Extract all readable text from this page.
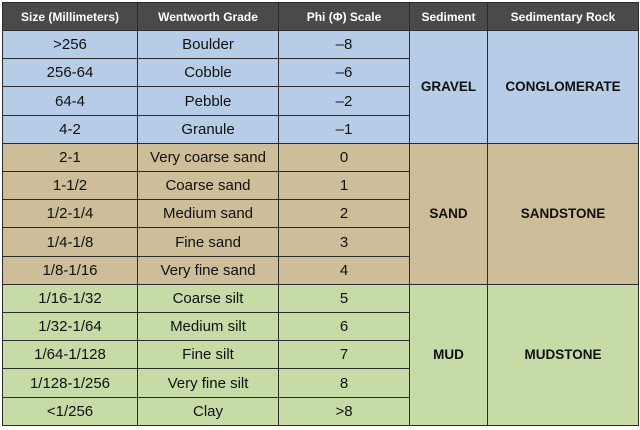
Size (Millimeters)	Wentworth Grade	Phi (Φ) Scale	Sediment	Sedimentary Rock
>256	Boulder	–8	GRAVEL	CONGLOMERATE
256-64	Cobble	–6		
64-4	Pebble	–2		
4-2	Granule	–1		
2-1	Very coarse sand	0	SAND	SANDSTONE
1-1/2	Coarse sand	1		
1/2-1/4	Medium sand	2		
1/4-1/8	Fine sand	3		
1/8-1/16	Very fine sand	4		
1/16-1/32	Coarse silt	5	MUD	MUDSTONE
1/32-1/64	Medium silt	6		
1/64-1/128	Fine silt	7		
1/128-1/256	Very fine silt	8		
<1/256	Clay	>8		
